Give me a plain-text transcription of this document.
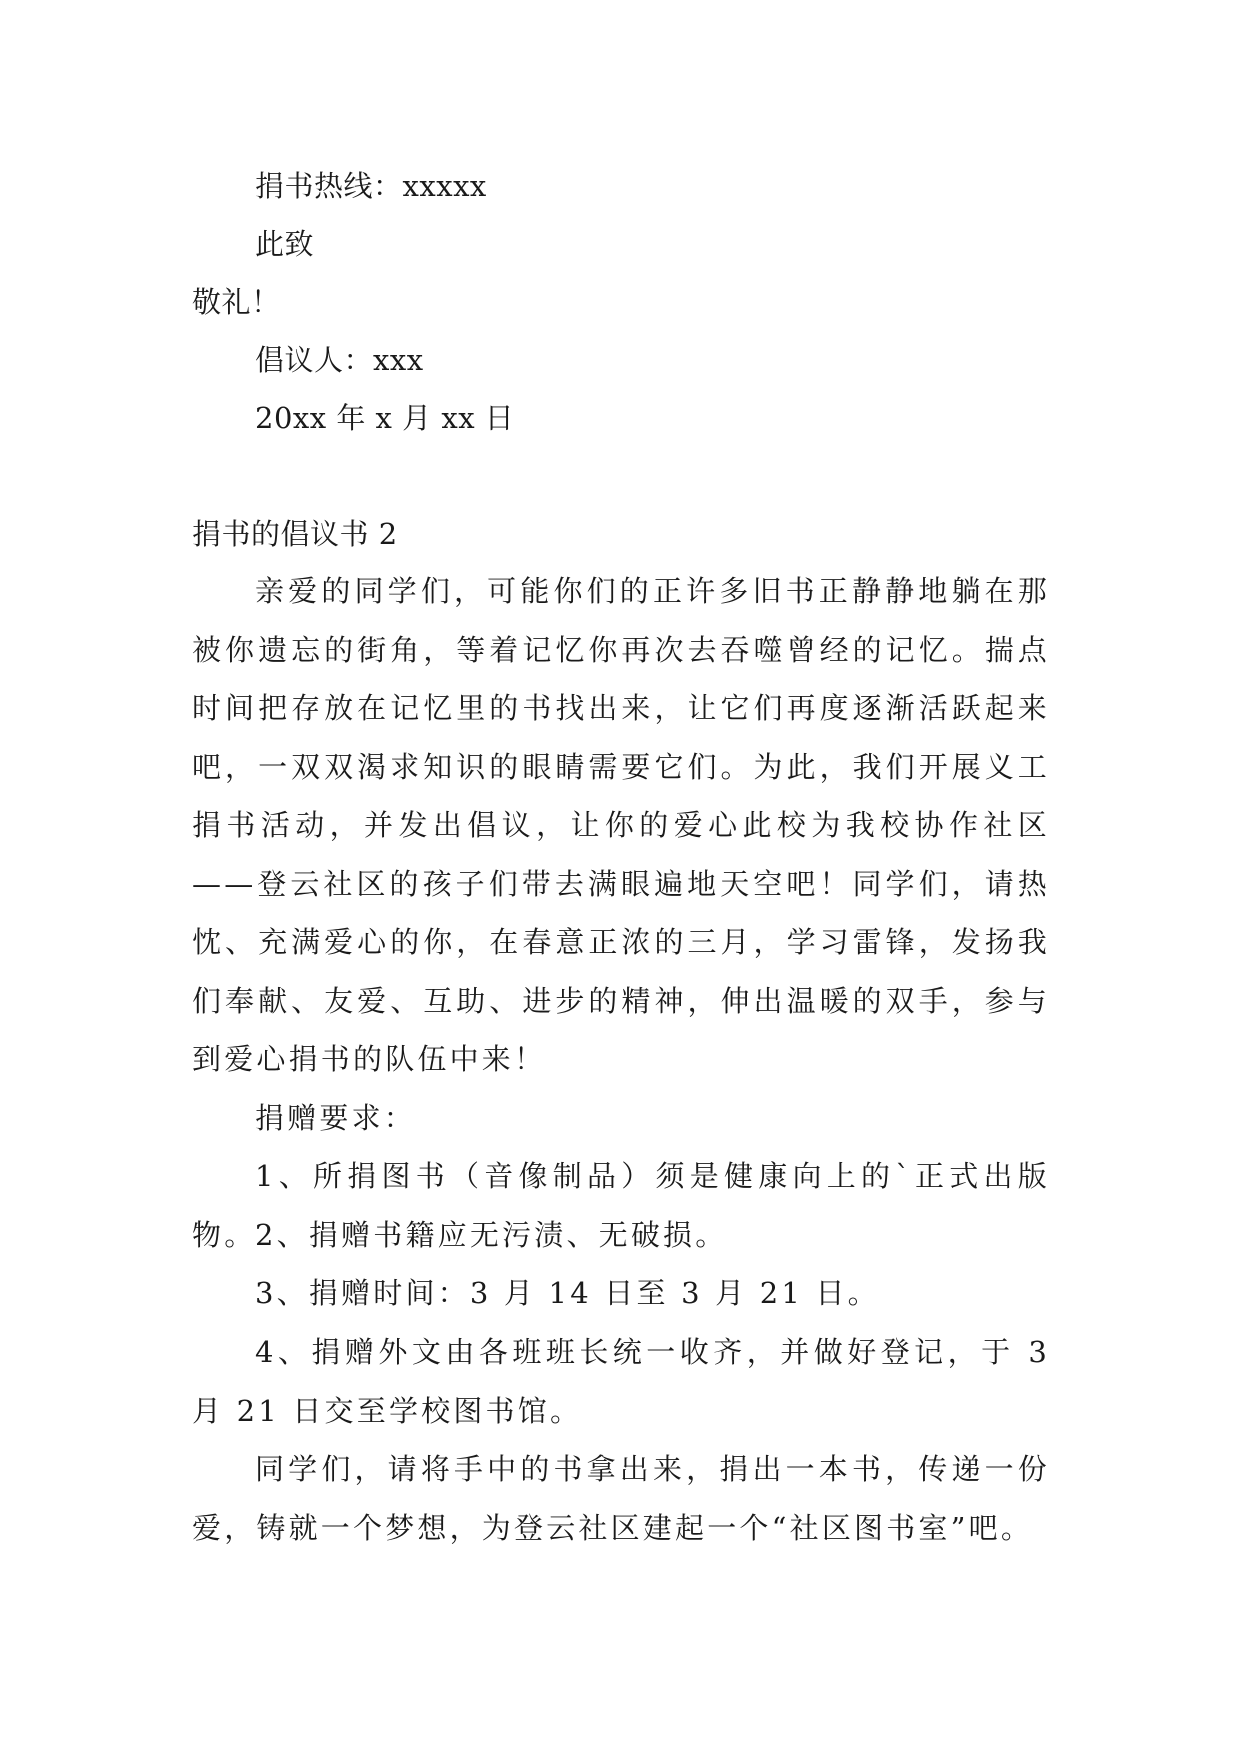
捐书热线：xxxxx
此致
敬礼！
倡议人：xxx
20xx 年 x 月 xx 日
捐书的倡议书 2
亲爱的同学们，可能你们的正许多旧书正静静地躺在那被你遗忘的街角，等着记忆你再次去吞噬曾经的记忆。揣点时间把存放在记忆里的书找出来，让它们再度逐渐活跃起来吧，一双双渴求知识的眼睛需要它们。为此，我们开展义工捐书活动，并发出倡议，让你的爱心此校为我校协作社区——登云社区的孩子们带去满眼遍地天空吧！同学们，请热忱、充满爱心的你，在春意正浓的三月，学习雷锋，发扬我们奉献、友爱、互助、进步的精神，伸出温暖的双手，参与到爱心捐书的队伍中来！
捐赠要求：
1、所捐图书（音像制品）须是健康向上的`正式出版物。
2、捐赠书籍应无污渍、无破损。
3、捐赠时间：3 月 14 日至 3 月 21 日。
4、捐赠外文由各班班长统一收齐，并做好登记，于 3 月 21 日交至学校图书馆。
同学们，请将手中的书拿出来，捐出一本书，传递一份爱，铸就一个梦想，为登云社区建起一个“社区图书室”吧。
